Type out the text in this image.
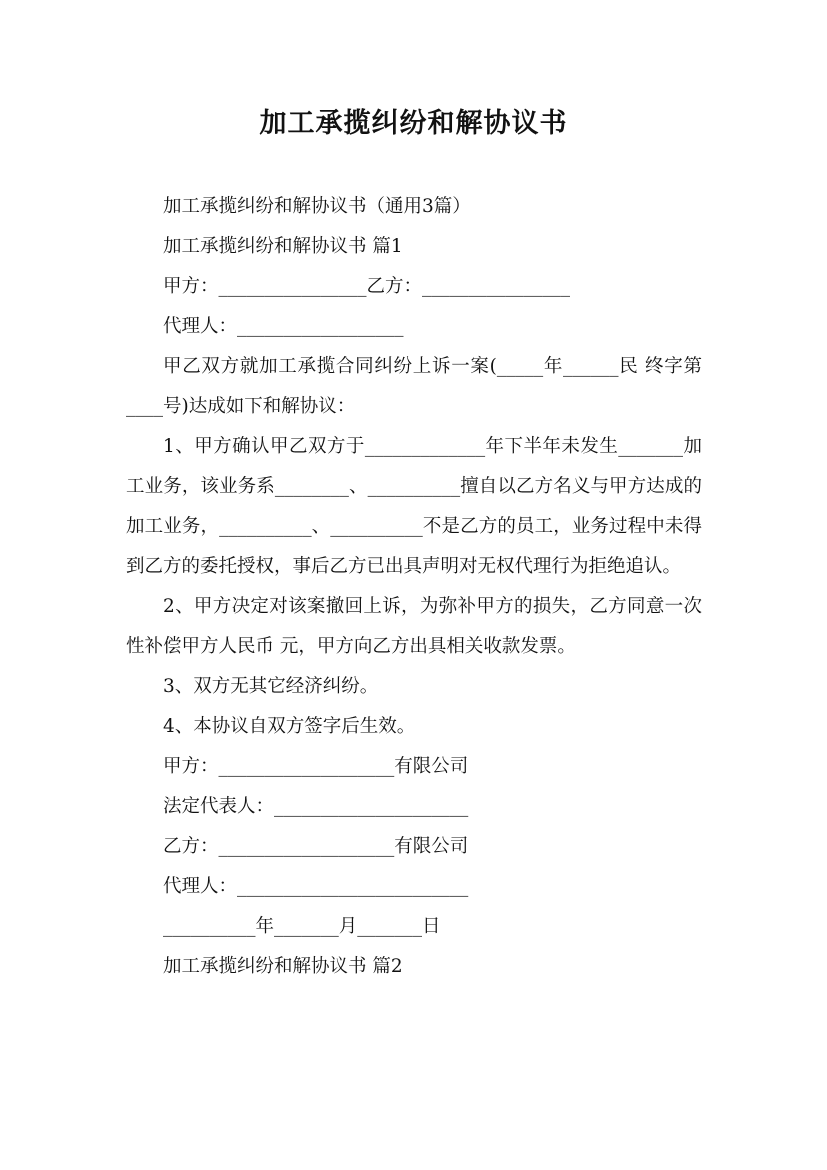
加工承揽纠纷和解协议书

加工承揽纠纷和解协议书（通用3篇）

加工承揽纠纷和解协议书 篇1

甲方：________________乙方：________________

代理人：__________________

甲乙双方就加工承揽合同纠纷上诉一案(_____年______民 终字第____号)达成如下和解协议：

1、甲方确认甲乙双方于_____________年下半年未发生_______加工业务，该业务系________、__________擅自以乙方名义与甲方达成的加工业务，__________、__________不是乙方的员工，业务过程中未得到乙方的委托授权，事后乙方已出具声明对无权代理行为拒绝追认。

2、甲方决定对该案撤回上诉，为弥补甲方的损失，乙方同意一次性补偿甲方人民币 元，甲方向乙方出具相关收款发票。

3、双方无其它经济纠纷。

4、本协议自双方签字后生效。

甲方：___________________有限公司

法定代表人：_____________________

乙方：___________________有限公司

代理人：_________________________

__________年_______月_______日

加工承揽纠纷和解协议书 篇2
